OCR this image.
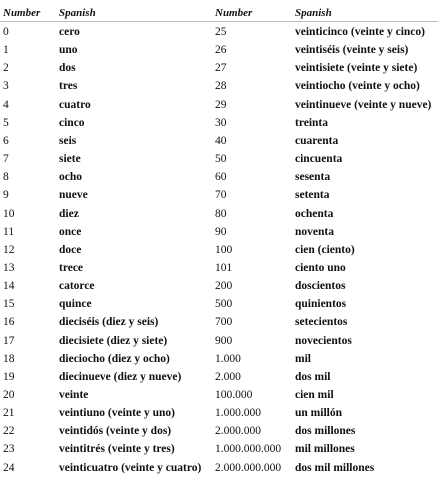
Number Spanish	Number	Spanish
0	cero	25	veinticinco (veinte y cinco)
1	uno	26	veintiséis (veinte y seis)
2	dos	27	veintisiete (veinte y siete)
3	tres	28	veintiocho (veinte y ocho)
4	cuatro	29	veintinueve (veinte y nueve)
5	cinco	30	treinta
6	seis	40	cuarenta
7	siete	50	cincuenta
8	ocho	60	sesenta
9	nueve	70	setenta
10	diez	80	ochenta
11	once	90	noventa
12	doce	100	cien (ciento)
13	trece	101	ciento uno
14	catorce	200	doscientos
15	quince	500	quinientos
16	dieciséis (diez y seis)	700	setecientos
17	diecisiete (diez y siete)	900	novecientos
18	dieciocho (diez y ocho)	1.000	mil
19	diecinueve (diez y nueve)	2.000	dos mil
20	veinte	100.000	cien mil
21	veintiuno (veinte y uno)	1.000.000	un millón
22	veintidós (veinte y dos)	2.000.000	dos millones
23	veintitrés (veinte y tres)	1.000.000.000 mil millones
24	veinticuatro (veinte y cuatro) 2.000.000.000 dos mil millones
